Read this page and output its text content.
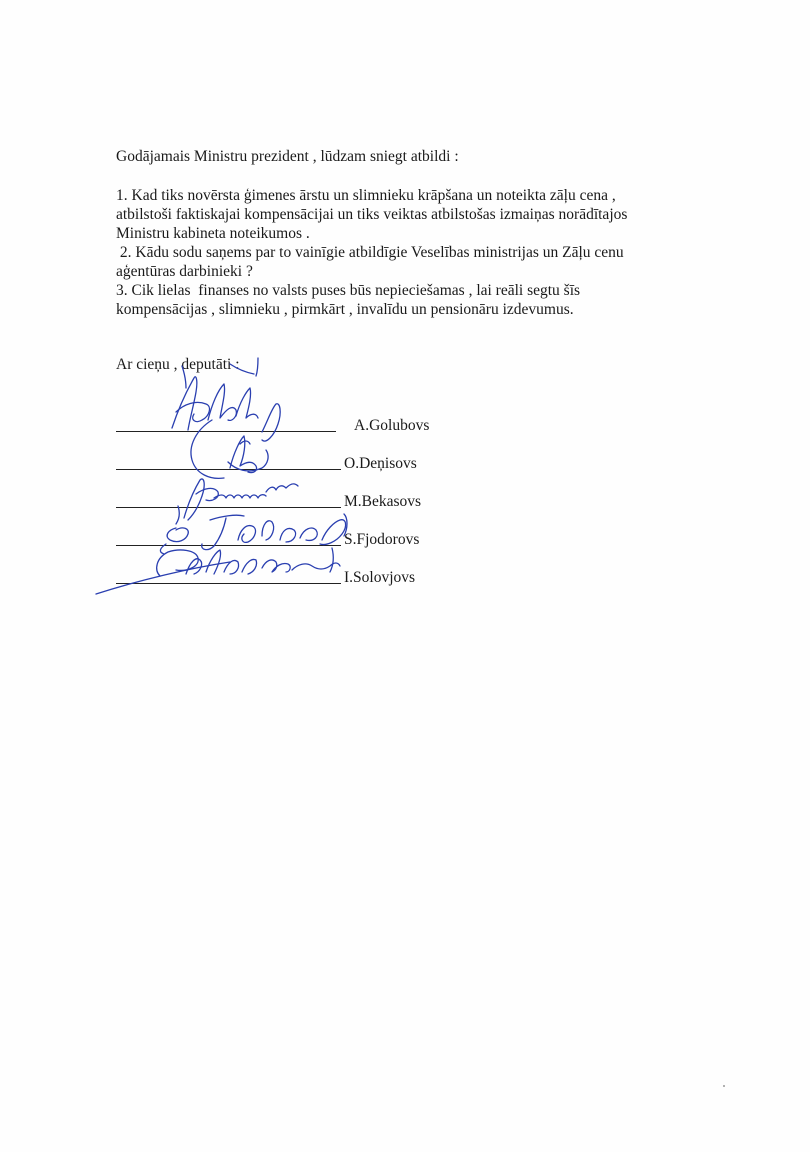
Godājamais Ministru prezident , lūdzam sniegt atbildi :
1. Kad tiks novērsta ģimenes ārstu un slimnieku krāpšana un noteikta zāļu cena ,
atbilstoši faktiskajai kompensācijai un tiks veiktas atbilstošas izmaiņas norādītajos
Ministru kabineta noteikumos .
2. Kādu sodu saņems par to vainīgie atbildīgie Veselības ministrijas un Zāļu cenu
aģentūras darbinieki ?
3. Cik lielas  finanses no valsts puses būs nepieciešamas , lai reāli segtu šīs
kompensācijas , slimnieku , pirmkārt , invalīdu un pensionāru izdevumus.
Ar cieņu , deputāti :
A.Golubovs
O.Deņisovs
M.Bekasovs
S.Fjodorovs
I.Solovjovs
